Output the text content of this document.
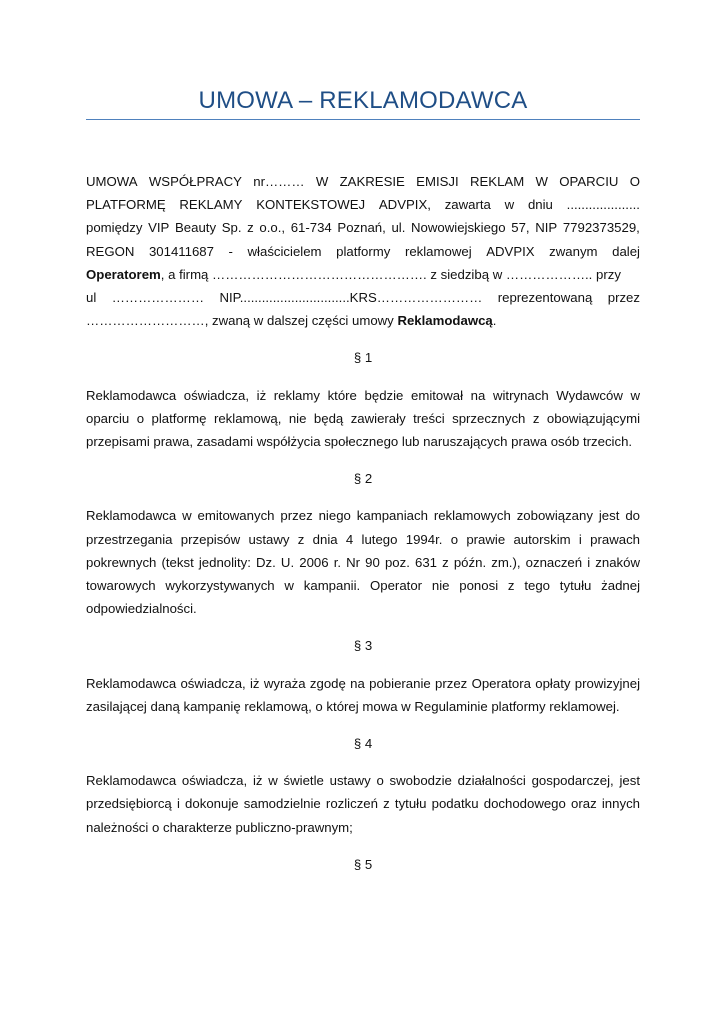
UMOWA – REKLAMODAWCA
UMOWA WSPÓŁPRACY nr……… W ZAKRESIE EMISJI REKLAM W OPARCIU O
PLATFORMĘ REKLAMY KONTEKSTOWEJ ADVPIX, zawarta w dniu ....................
pomiędzy VIP Beauty Sp. z o.o., 61-734 Poznań, ul. Nowowiejskiego 57, NIP 7792373529,
REGON 301411687 - właścicielem platformy reklamowej ADVPIX zwanym dalej
Operatorem , a firmą …………………………………………. z siedzibą w ……………….. przy
ul ………………… NIP..............................KRS…………………… reprezentowaną przez
………………………, zwaną w dalszej części umowy Reklamodawcą .
§ 1

Reklamodawca oświadcza, iż reklamy które będzie emitował na witrynach Wydawców w oparciu o platformę reklamową, nie będą zawierały treści sprzecznych z obowiązującymi przepisami prawa, zasadami współżycia społecznego lub naruszających prawa osób trzecich.

§ 2

Reklamodawca w emitowanych przez niego kampaniach reklamowych zobowiązany jest do przestrzegania przepisów ustawy z dnia 4 lutego 1994r. o prawie autorskim i prawach pokrewnych (tekst jednolity: Dz. U. 2006 r. Nr 90 poz. 631 z późn. zm.), oznaczeń i znaków towarowych wykorzystywanych w kampanii. Operator nie ponosi z tego tytułu żadnej odpowiedzialności.

§ 3

Reklamodawca oświadcza, iż wyraża zgodę na pobieranie przez Operatora opłaty prowizyjnej zasilającej daną kampanię reklamową, o której mowa w Regulaminie platformy reklamowej.

§ 4

Reklamodawca oświadcza, iż w świetle ustawy o swobodzie działalności gospodarczej, jest przedsiębiorcą i dokonuje samodzielnie rozliczeń z tytułu podatku dochodowego oraz innych należności o charakterze publiczno-prawnym;

§ 5
